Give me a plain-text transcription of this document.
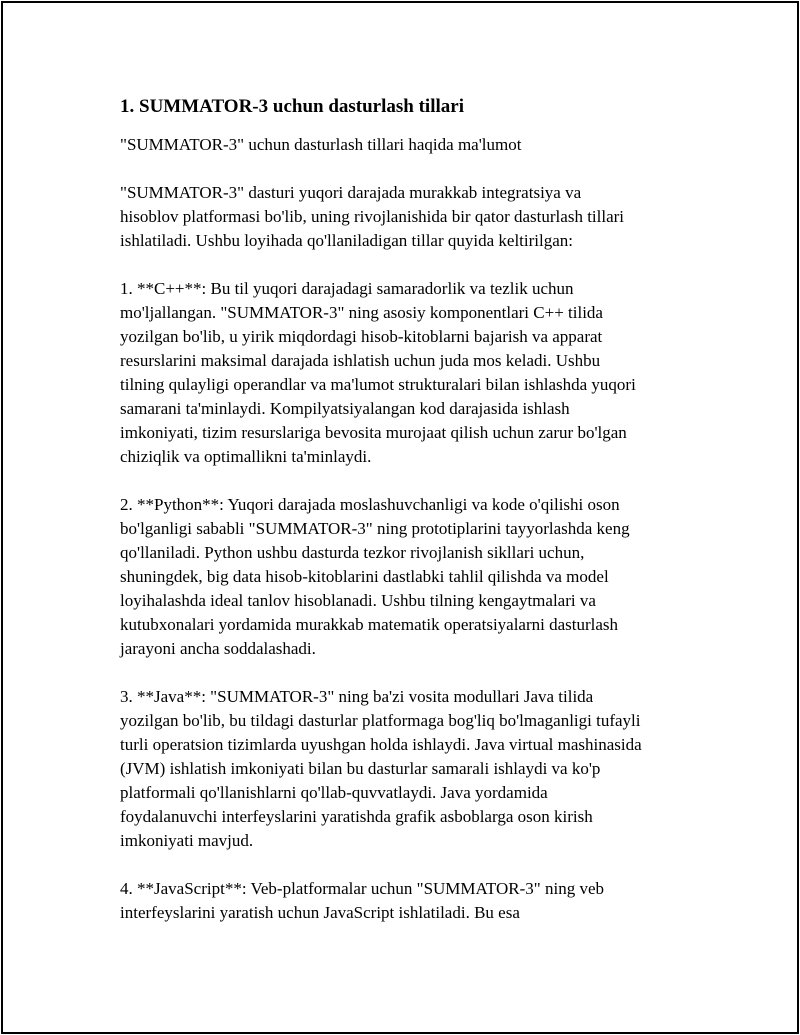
1. SUMMATOR-3 uchun dasturlash tillari

"SUMMATOR-3" uchun dasturlash tillari haqida ma'lumot

"SUMMATOR-3" dasturi yuqori darajada murakkab integratsiya va
hisoblov platformasi bo'lib, uning rivojlanishida bir qator dasturlash tillari
ishlatiladi. Ushbu loyihada qo'llaniladigan tillar quyida keltirilgan:

1. **C++**: Bu til yuqori darajadagi samaradorlik va tezlik uchun
mo'ljallangan. "SUMMATOR-3" ning asosiy komponentlari C++ tilida
yozilgan bo'lib, u yirik miqdordagi hisob-kitoblarni bajarish va apparat
resurslarini maksimal darajada ishlatish uchun juda mos keladi. Ushbu
tilning qulayligi operandlar va ma'lumot strukturalari bilan ishlashda yuqori
samarani ta'minlaydi. Kompilyatsiyalangan kod darajasida ishlash
imkoniyati, tizim resurslariga bevosita murojaat qilish uchun zarur bo'lgan
chiziqlik va optimallikni ta'minlaydi.

2. **Python**: Yuqori darajada moslashuvchanligi va kode o'qilishi oson
bo'lganligi sababli "SUMMATOR-3" ning prototiplarini tayyorlashda keng
qo'llaniladi. Python ushbu dasturda tezkor rivojlanish sikllari uchun,
shuningdek, big data hisob-kitoblarini dastlabki tahlil qilishda va model
loyihalashda ideal tanlov hisoblanadi. Ushbu tilning kengaytmalari va
kutubxonalari yordamida murakkab matematik operatsiyalarni dasturlash
jarayoni ancha soddalashadi.

3. **Java**: "SUMMATOR-3" ning ba'zi vosita modullari Java tilida
yozilgan bo'lib, bu tildagi dasturlar platformaga bog'liq bo'lmaganligi tufayli
turli operatsion tizimlarda uyushgan holda ishlaydi. Java virtual mashinasida
(JVM) ishlatish imkoniyati bilan bu dasturlar samarali ishlaydi va ko'p
platformali qo'llanishlarni qo'llab-quvvatlaydi. Java yordamida
foydalanuvchi interfeyslarini yaratishda grafik asboblarga oson kirish
imkoniyati mavjud.

4. **JavaScript**: Veb-platformalar uchun "SUMMATOR-3" ning veb
interfeyslarini yaratish uchun JavaScript ishlatiladi. Bu esa
